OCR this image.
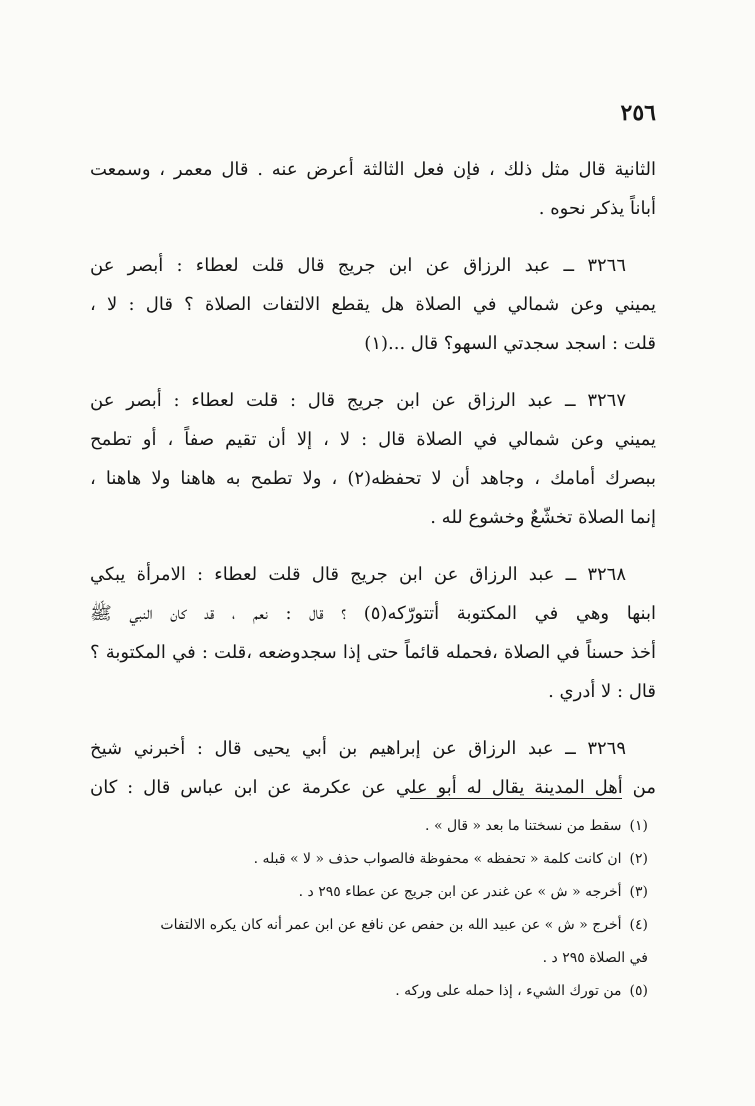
٢٥٦
الثانية قال مثل ذلك ، فإن فعل الثالثة أعرض عنه . قال معمر ، وسمعت
أباناً يذكر نحوه .
٣٢٦٦ ــ عبد الرزاق عن ابن جريج قال قلت لعطاء : أبصر عن
يميني وعن شمالي في الصلاة هل يقطع الالتفات الصلاة ؟ قال : لا ،
قلت : اسجد سجدتي السهو؟ قال ...(١)
٣٢٦٧ ــ عبد الرزاق عن ابن جريج قال : قلت لعطاء : أبصر عن
يميني وعن شمالي في الصلاة قال : لا ، إلا أن تقيم صفاً ، أو تطمح
ببصرك أمامك ، وجاهد أن لا تحفظه(٢) ، ولا تطمح به هاهنا ولا هاهنا ،
إنما الصلاة تخشّعٌ وخشوع لله .
٣٢٦٨ ــ عبد الرزاق عن ابن جريج قال قلت لعطاء : الامرأة يبكي
ابنها وهي في المكتوبة أتتورّكه(٥) ؟ قال : نعم ، قد كان النبي ﷺ
أخذ حسناً في الصلاة ،فحمله قائماً حتى إذا سجدوضعه ،قلت : في المكتوبة ؟
قال : لا أدري .
٣٢٦٩ ــ عبد الرزاق عن إبراهيم بن أبي يحيى قال : أخبرني شيخ
من أهل المدينة يقال له أبو علي عن عكرمة عن ابن عباس قال : كان
(١)سقط من نسختنا ما بعد « قال » .
(٢)ان كانت كلمة « تحفظه » محفوظة فالصواب حذف « لا » قبله .
(٣)أخرجه « ش » عن غندر عن ابن جريج عن عطاء ٢٩٥ د .
(٤)أخرج « ش » عن عبيد الله بن حفص عن نافع عن ابن عمر أنه كان يكره الالتفات
في الصلاة ٢٩٥ د .
(٥)من تورك الشيء ، إذا حمله على وركه .
